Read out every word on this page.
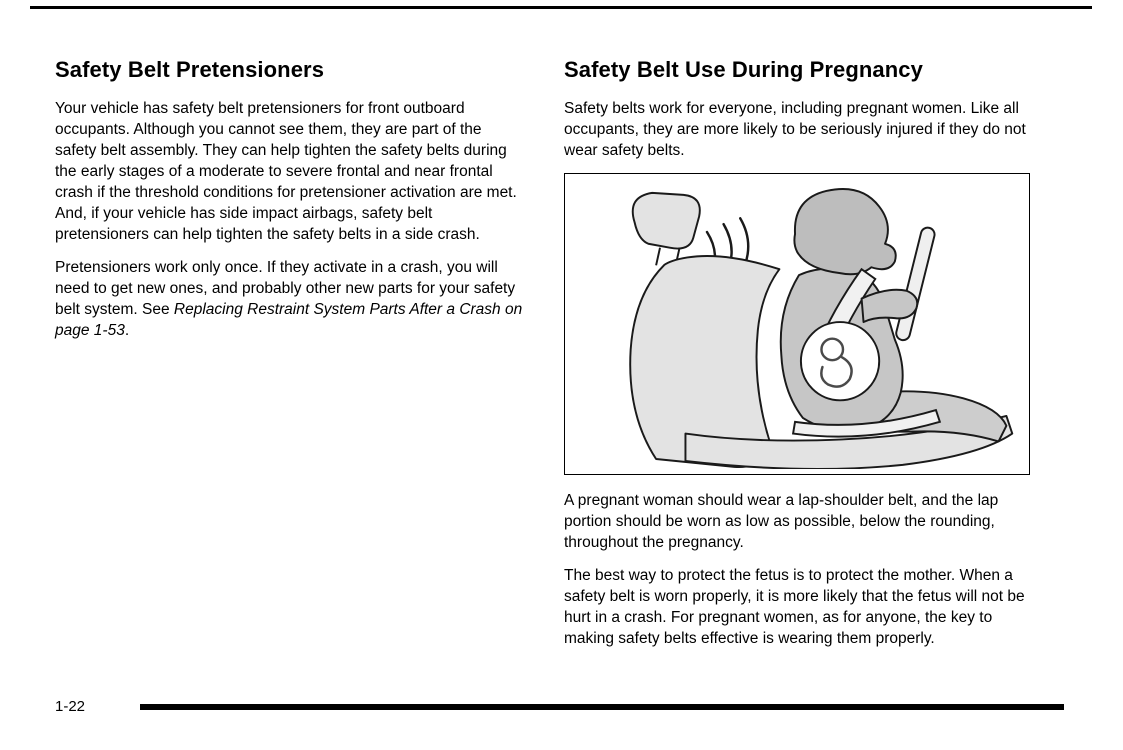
Safety Belt Pretensioners

Your vehicle has safety belt pretensioners for front outboard occupants. Although you cannot see them, they are part of the safety belt assembly. They can help tighten the safety belts during the early stages of a moderate to severe frontal and near frontal crash if the threshold conditions for pretensioner activation are met. And, if your vehicle has side impact airbags, safety belt pretensioners can help tighten the safety belts in a side crash.

Pretensioners work only once. If they activate in a crash, you will need to get new ones, and probably other new parts for your safety belt system. See Replacing Restraint System Parts After a Crash on page 1-53.

Safety Belt Use During Pregnancy

Safety belts work for everyone, including pregnant women. Like all occupants, they are more likely to be seriously injured if they do not wear safety belts.

A pregnant woman should wear a lap-shoulder belt, and the lap portion should be worn as low as possible, below the rounding, throughout the pregnancy.

The best way to protect the fetus is to protect the mother. When a safety belt is worn properly, it is more likely that the fetus will not be hurt in a crash. For pregnant women, as for anyone, the key to making safety belts effective is wearing them properly.

1-22
